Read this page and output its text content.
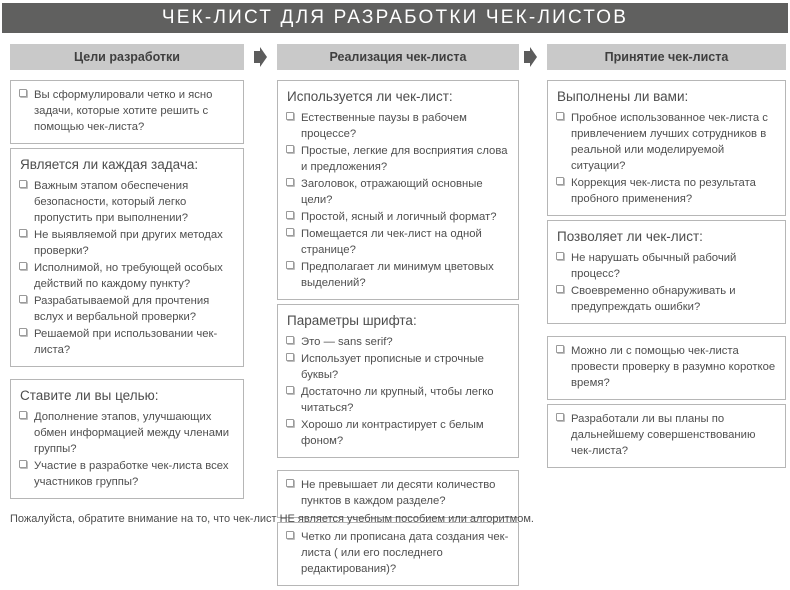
ЧЕК-ЛИСТ ДЛЯ РАЗРАБОТКИ ЧЕК-ЛИСТОВ
Цели разработки	Реализация чек-листа	Принятие чек-листа
Вы сформулировали четко и ясно задачи, которые хотите решить с помощью чек-листа?
Является ли каждая задача:
Важным этапом обеспечения безопасности, который легко пропустить при выполнении?
Не выявляемой при других методах проверки?
Исполнимой, но требующей особых действий по каждому пункту?
Разрабатываемой для прочтения вслух и вербальной проверки?
Решаемой при использовании чек-листа?
Ставите ли вы целью:
Дополнение этапов, улучшающих обмен информацией между членами группы?
Участие в разработке чек-листа всех участников группы?
Используется ли чек-лист:
Естественные паузы в рабочем процессе?
Простые, легкие для восприятия слова и предложения?
Заголовок, отражающий основные цели?
Простой, ясный и логичный формат?
Помещается ли чек-лист на одной странице?
Предполагает ли минимум цветовых выделений?
Параметры шрифта:
Это — sans serif?
Использует прописные и строчные буквы?
Достаточно ли крупный, чтобы легко читаться?
Хорошо ли контрастирует с белым фоном?
Не превышает ли десяти количество пунктов в каждом разделе?
Четко ли прописана дата создания чек-листа ( или его последнего редактирования)?
Выполнены ли вами:
Пробное использованное чек-листа с привлечением лучших сотрудников в реальной или моделируемой ситуации?
Коррекция чек-листа по результата пробного применения?
Позволяет ли чек-лист:
Не нарушать обычный рабочий процесс?
Своевременно обнаруживать и предупреждать ошибки?
Можно ли с помощью чек-листа провести проверку в разумно короткое время?
Разработали ли вы планы по дальнейшему совершенствованию чек-листа?
Пожалуйста, обратите внимание на то, что чек-лист НЕ является учебным пособием или алгоритмом.
